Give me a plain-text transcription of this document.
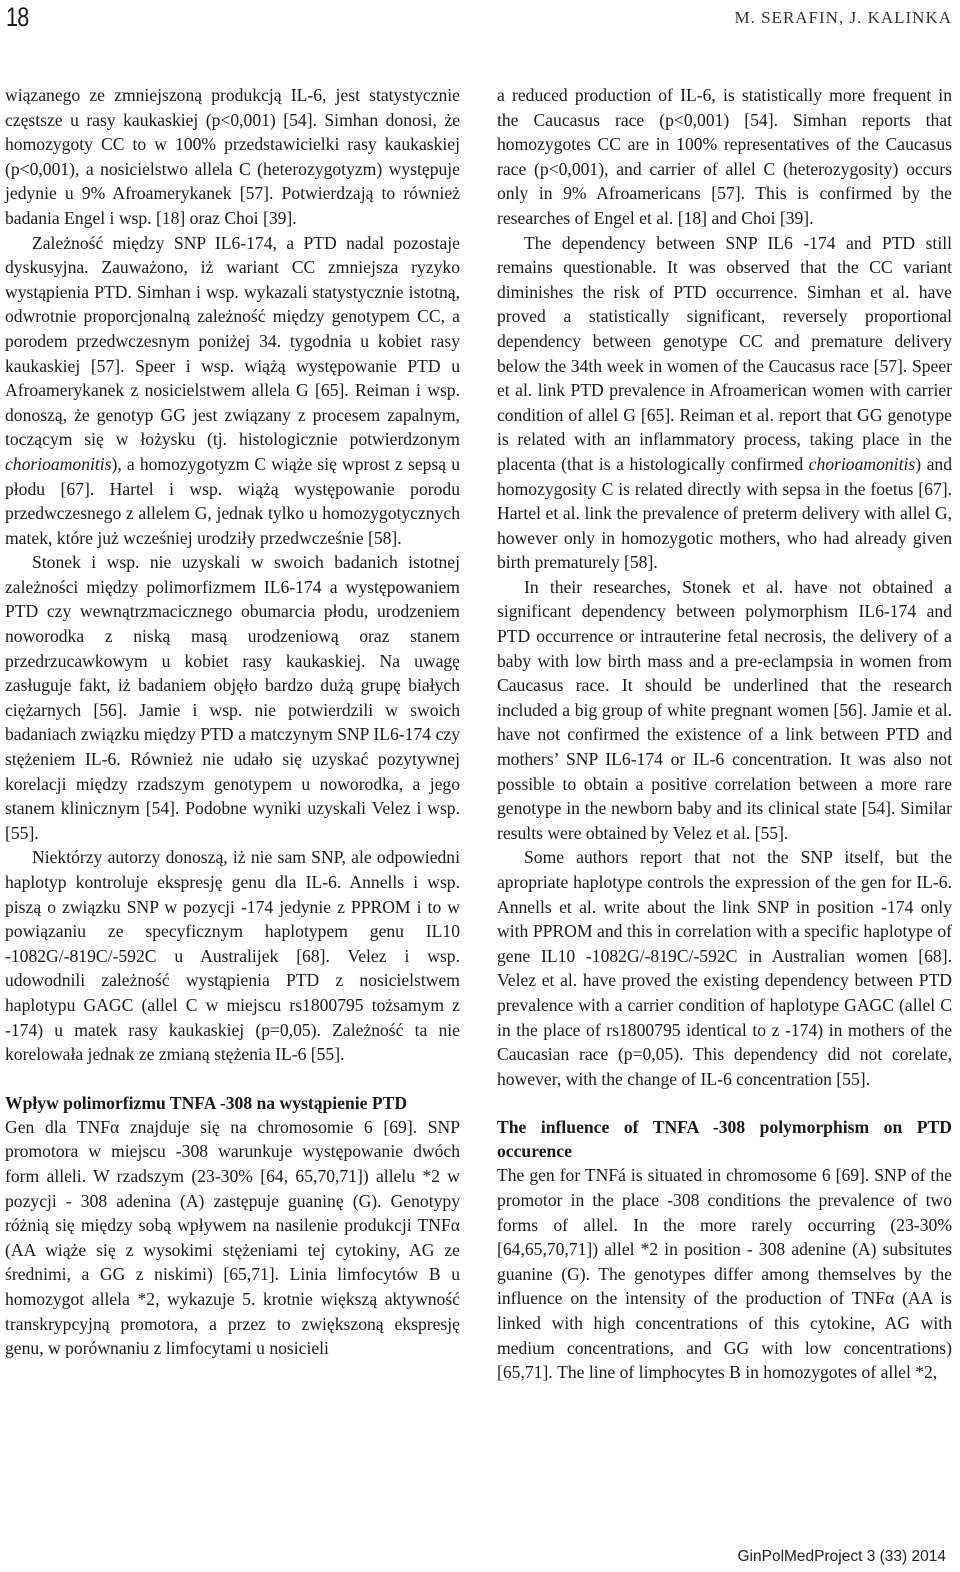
18	M. SERAFIN, J. KALINKA

wiązanego ze zmniejszoną produkcją IL-6, jest statystycznie częstsze u rasy kaukaskiej (p<0,001) [54]. Simhan donosi, że homozygoty CC to w 100% przedstawicielki rasy kaukaskiej (p<0,001), a nosicielstwo allela C (heterozygotyzm) występuje jedynie u 9% Afroamerykanek [57]. Potwierdzają to również badania Engel i wsp. [18] oraz Choi [39].

Zależność między SNP IL6-174, a PTD nadal pozostaje dyskusyjna. Zauważono, iż wariant CC zmniejsza ryzyko wystąpienia PTD. Simhan i wsp. wykazali statystycznie istotną, odwrotnie proporcjonalną zależność między genotypem CC, a porodem przedwczesnym poniżej 34. tygodnia u kobiet rasy kaukaskiej [57]. Speer i wsp. wiążą występowanie PTD u Afroamerykanek z nosicielstwem allela G [65]. Reiman i wsp. donoszą, że genotyp GG jest związany z procesem zapalnym, toczącym się w łożysku (tj. histologicznie potwierdzonym chorioamonitis), a homozygotyzm C wiąże się wprost z sepsą u płodu [67]. Hartel i wsp. wiążą występowanie porodu przedwczesnego z allelem G, jednak tylko u homozygotycznych matek, które już wcześniej urodziły przedwcześnie [58].

Stonek i wsp. nie uzyskali w swoich badanich istotnej zależności między polimorfizmem IL6-174 a występowaniem PTD czy wewnątrzmacicznego obumarcia płodu, urodzeniem noworodka z niską masą urodzeniową oraz stanem przedrzucawkowym u kobiet rasy kaukaskiej. Na uwagę zasługuje fakt, iż badaniem objęło bardzo dużą grupę białych ciężarnych [56]. Jamie i wsp. nie potwierdzili w swoich badaniach związku między PTD a matczynym SNP IL6-174 czy stężeniem IL-6. Również nie udało się uzyskać pozytywnej korelacji między rzadszym genotypem u noworodka, a jego stanem klinicznym [54]. Podobne wyniki uzyskali Velez i wsp. [55].

Niektórzy autorzy donoszą, iż nie sam SNP, ale odpowiedni haplotyp kontroluje ekspresję genu dla IL-6. Annells i wsp. piszą o związku SNP w pozycji -174 jedynie z PPROM i to w powiązaniu ze specyficznym haplotypem genu IL10 -1082G/-819C/-592C u Australijek [68]. Velez i wsp. udowodnili zależność wystąpienia PTD z nosicielstwem haplotypu GAGC (allel C w miejscu rs1800795 tożsamym z -174) u matek rasy kaukaskiej (p=0,05). Zależność ta nie korelowała jednak ze zmianą stężenia IL-6 [55].

Wpływ polimorfizmu TNFA -308 na wystąpienie PTD

Gen dla TNFα znajduje się na chromosomie 6 [69]. SNP promotora w miejscu -308 warunkuje występowanie dwóch form alleli. W rzadszym (23-30% [64, 65,70,71]) allelu *2 w pozycji - 308 adenina (A) zastępuje guaninę (G). Genotypy różnią się między sobą wpływem na nasilenie produkcji TNFα (AA wiąże się z wysokimi stężeniami tej cytokiny, AG ze średnimi, a GG z niskimi) [65,71]. Linia limfocytów B u homozygot allela *2, wykazuje 5. krotnie większą aktywność transkrypcyjną promotora, a przez to zwiększoną ekspresję genu, w porównaniu z limfocytami u nosicieli

a reduced production of IL-6, is statistically more frequent in the Caucasus race (p<0,001) [54]. Simhan reports that homozygotes CC are in 100% representatives of the Caucasus race (p<0,001), and carrier of allel C (heterozygosity) occurs only in 9% Afroamericans [57]. This is confirmed by the researches of Engel et al. [18] and Choi [39].

The dependency between SNP IL6 -174 and PTD still remains questionable. It was observed that the CC variant diminishes the risk of PTD occurrence. Simhan et al. have proved a statistically significant, reversely proportional dependency between genotype CC and premature delivery below the 34th week in women of the Caucasus race [57]. Speer et al. link PTD prevalence in Afroamerican women with carrier condition of allel G [65]. Reiman et al. report that GG genotype is related with an inflammatory process, taking place in the placenta (that is a histologically confirmed chorioamonitis) and homozygosity C is related directly with sepsa in the foetus [67]. Hartel et al. link the prevalence of preterm delivery with allel G, however only in homozygotic mothers, who had already given birth prematurely [58].

In their researches, Stonek et al. have not obtained a significant dependency between polymorphism IL6-174 and PTD occurrence or intrauterine fetal necrosis, the delivery of a baby with low birth mass and a pre-eclampsia in women from Caucasus race. It should be underlined that the research included a big group of white pregnant women [56]. Jamie et al. have not confirmed the existence of a link between PTD and mothers’ SNP IL6-174 or IL-6 concentration. It was also not possible to obtain a positive correlation between a more rare genotype in the newborn baby and its clinical state [54]. Similar results were obtained by Velez et al. [55].

Some authors report that not the SNP itself, but the apropriate haplotype controls the expression of the gen for IL-6. Annells et al. write about the link SNP in position -174 only with PPROM and this in correlation with a specific haplotype of gene IL10 -1082G/-819C/-592C in Australian women [68]. Velez et al. have proved the existing dependency between PTD prevalence with a carrier condition of haplotype GAGC (allel C in the place of rs1800795 identical to z -174) in mothers of the Caucasian race (p=0,05). This dependency did not corelate, however, with the change of IL-6 concentration [55].

The influence of TNFA -308 polymorphism on PTD occurence

The gen for TNFá is situated in chromosome 6 [69]. SNP of the promotor in the place -308 conditions the prevalence of two forms of allel. In the more rarely occurring (23-30% [64,65,70,71]) allel *2 in position - 308 adenine (A) subsitutes guanine (G). The genotypes differ among themselves by the influence on the intensity of the production of TNFα (AA is linked with high concentrations of this cytokine, AG with medium concentrations, and GG with low concentrations) [65,71]. The line of limphocytes B in homozygotes of allel *2,

GinPolMedProject 3 (33) 2014
